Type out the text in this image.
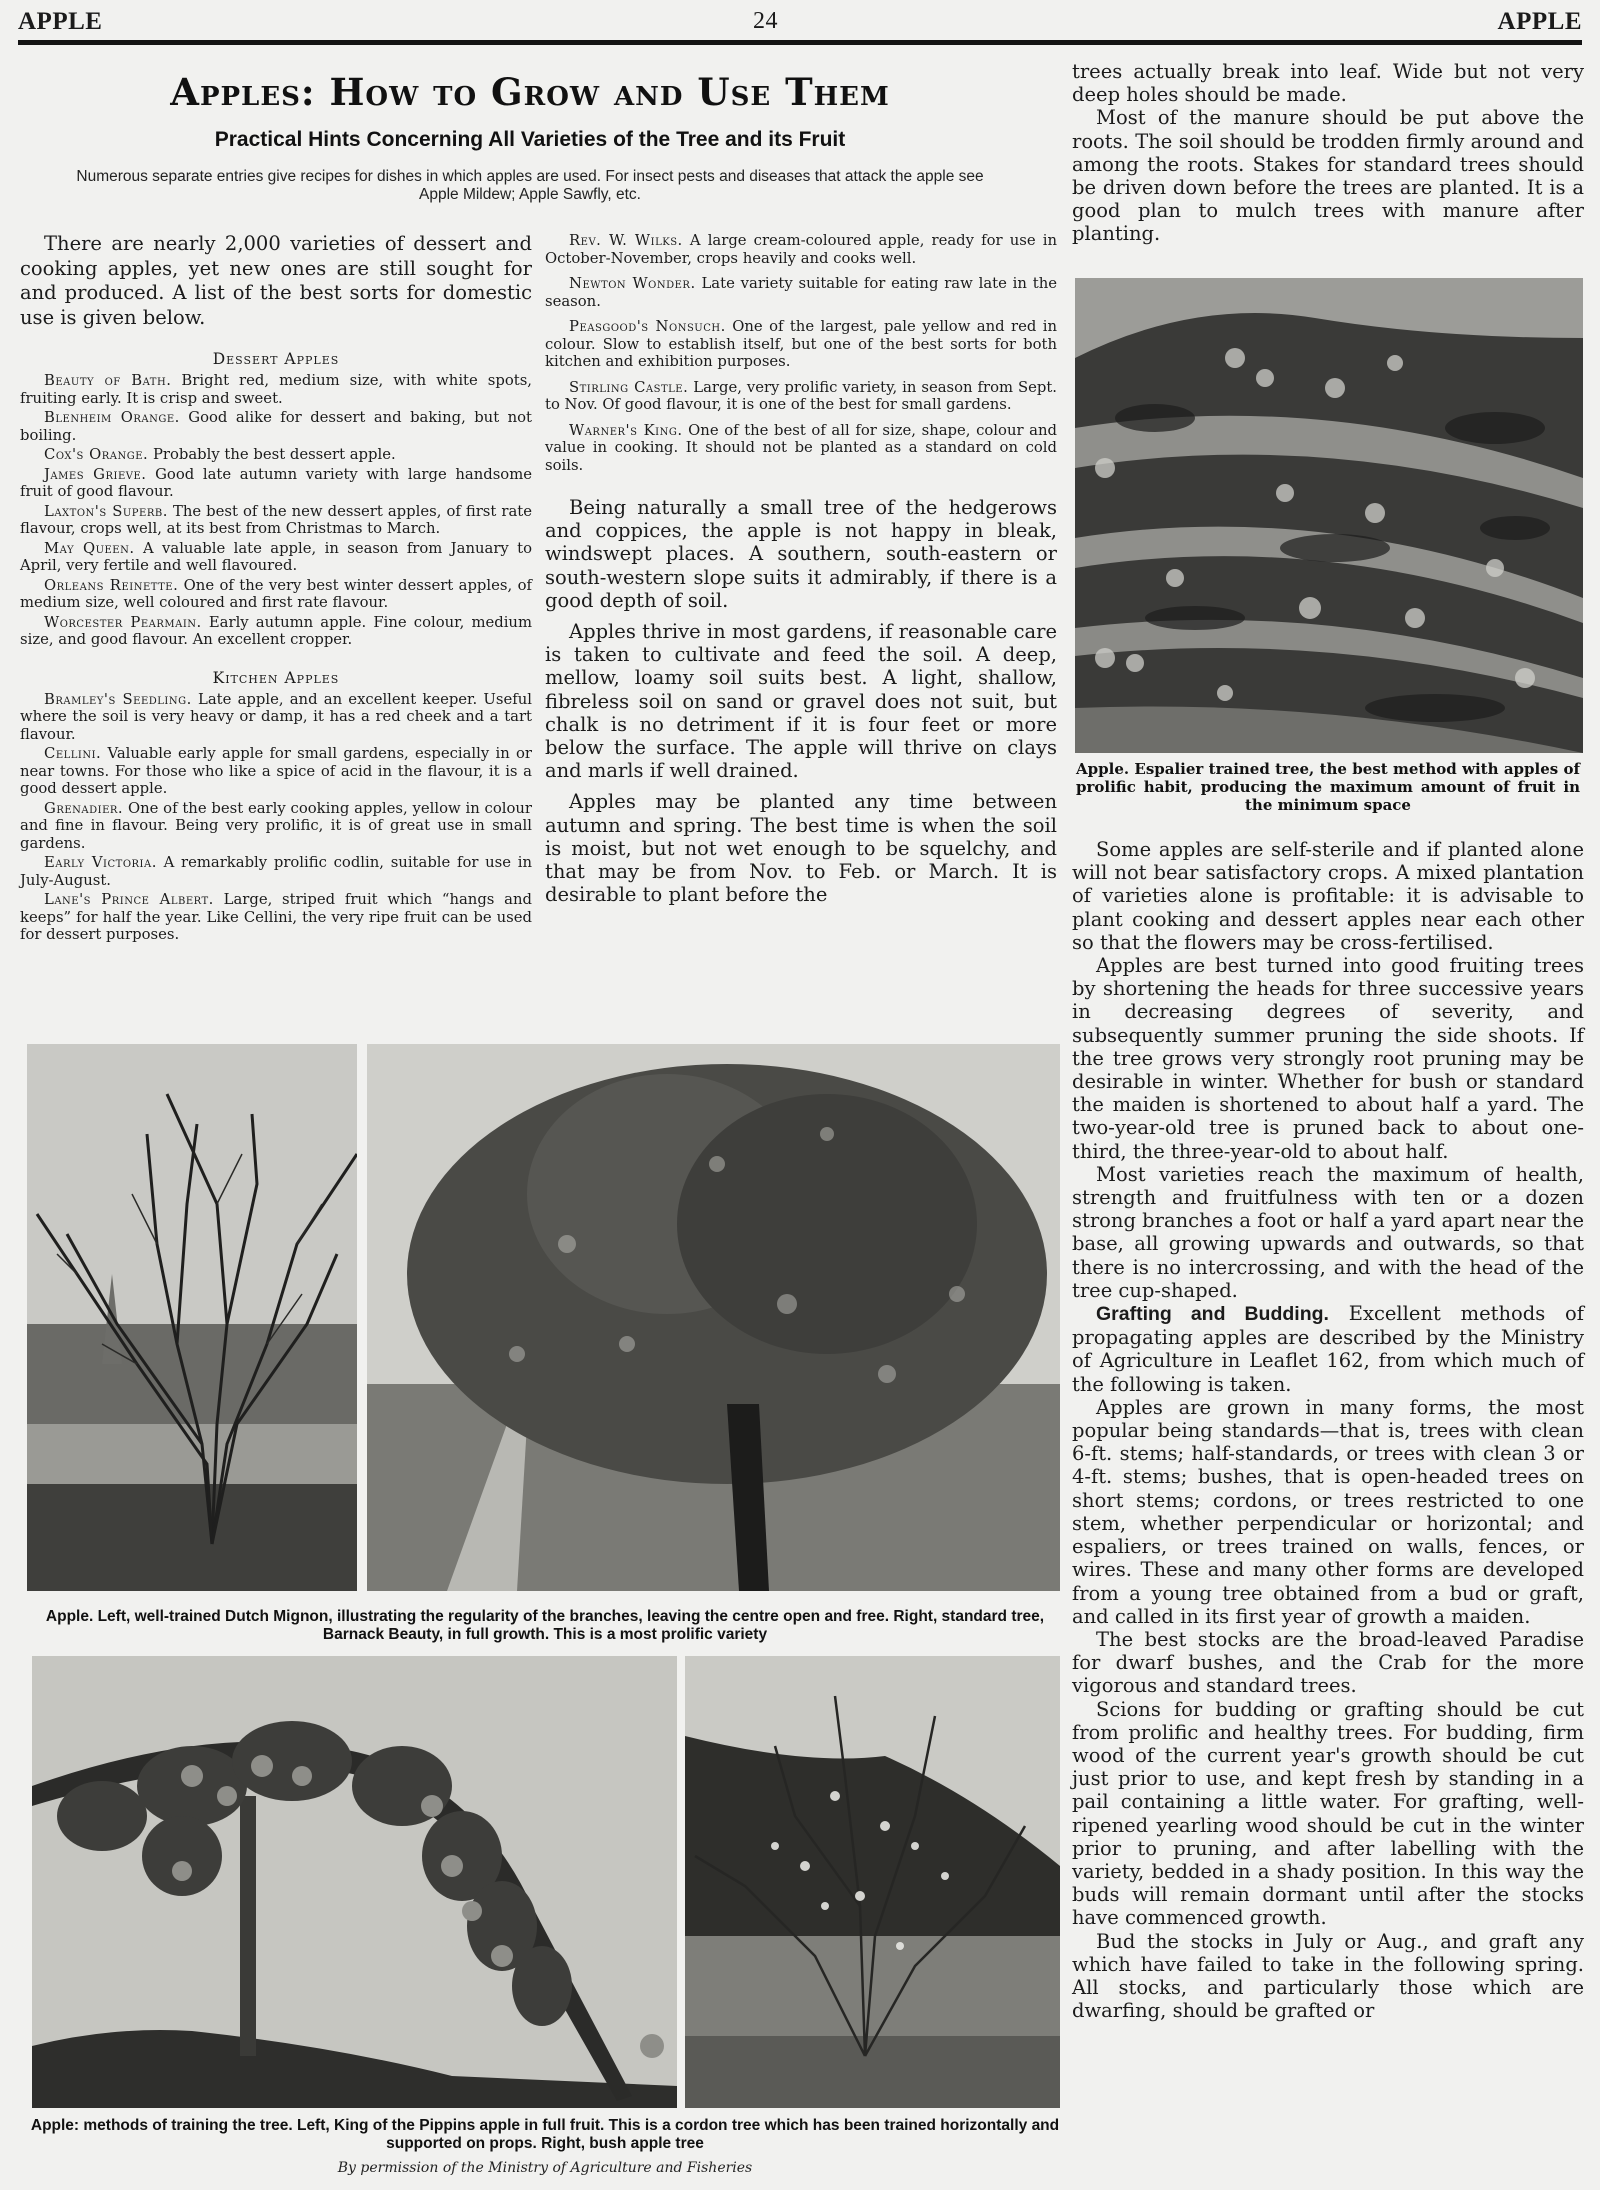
APPLE	24	APPLE
Apples: How to Grow and Use Them
Practical Hints Concerning All Varieties of the Tree and its Fruit
Numerous separate entries give recipes for dishes in which apples are used. For insect pests and diseases that attack the apple see Apple Mildew; Apple Sawfly, etc.

There are nearly 2,000 varieties of dessert and cooking apples, yet new ones are still sought for and produced. A list of the best sorts for domestic use is given below.

Dessert Apples

Beauty of Bath. Bright red, medium size, with white spots, fruiting early. It is crisp and sweet.

Blenheim Orange. Good alike for dessert and baking, but not boiling.

Cox's Orange. Probably the best dessert apple.

James Grieve. Good late autumn variety with large handsome fruit of good flavour.

Laxton's Superb. The best of the new dessert apples, of first rate flavour, crops well, at its best from Christmas to March.

May Queen. A valuable late apple, in season from January to April, very fertile and well flavoured.

Orleans Reinette. One of the very best winter dessert apples, of medium size, well coloured and first rate flavour.

Worcester Pearmain. Early autumn apple. Fine colour, medium size, and good flavour. An excellent cropper.

Kitchen Apples

Bramley's Seedling. Late apple, and an excellent keeper. Useful where the soil is very heavy or damp, it has a red cheek and a tart flavour.

Cellini. Valuable early apple for small gardens, especially in or near towns. For those who like a spice of acid in the flavour, it is a good dessert apple.

Grenadier. One of the best early cooking apples, yellow in colour and fine in flavour. Being very prolific, it is of great use in small gardens.

Early Victoria. A remarkably prolific codlin, suitable for use in July-August.

Lane's Prince Albert. Large, striped fruit which “hangs and keeps” for half the year. Like Cellini, the very ripe fruit can be used for dessert purposes.

Rev. W. Wilks. A large cream-coloured apple, ready for use in October-November, crops heavily and cooks well.

Newton Wonder. Late variety suitable for eating raw late in the season.

Peasgood's Nonsuch. One of the largest, pale yellow and red in colour. Slow to establish itself, but one of the best sorts for both kitchen and exhibition purposes.

Stirling Castle. Large, very prolific variety, in season from Sept. to Nov. Of good flavour, it is one of the best for small gardens.

Warner's King. One of the best of all for size, shape, colour and value in cooking. It should not be planted as a standard on cold soils.

Being naturally a small tree of the hedgerows and coppices, the apple is not happy in bleak, windswept places. A southern, south-eastern or south-western slope suits it admirably, if there is a good depth of soil.

Apples thrive in most gardens, if reasonable care is taken to cultivate and feed the soil. A deep, mellow, loamy soil suits best. A light, shallow, fibreless soil on sand or gravel does not suit, but chalk is no detriment if it is four feet or more below the surface. The apple will thrive on clays and marls if well drained.

Apples may be planted any time between autumn and spring. The best time is when the soil is moist, but not wet enough to be squelchy, and that may be from Nov. to Feb. or March. It is desirable to plant before the

trees actually break into leaf. Wide but not very deep holes should be made.

Most of the manure should be put above the roots. The soil should be trodden firmly around and among the roots. Stakes for standard trees should be driven down before the trees are planted. It is a good plan to mulch trees with manure after planting.

Apple. Espalier trained tree, the best method with apples of prolific habit, producing the maximum amount of fruit in the minimum space

Some apples are self-sterile and if planted alone will not bear satisfactory crops. A mixed plantation of varieties alone is profitable: it is advisable to plant cooking and dessert apples near each other so that the flowers may be cross-fertilised.

Apples are best turned into good fruiting trees by shortening the heads for three successive years in decreasing degrees of severity, and subsequently summer pruning the side shoots. If the tree grows very strongly root pruning may be desirable in winter. Whether for bush or standard the maiden is shortened to about half a yard. The two-year-old tree is pruned back to about one-third, the three-year-old to about half.

Most varieties reach the maximum of health, strength and fruitfulness with ten or a dozen strong branches a foot or half a yard apart near the base, all growing upwards and outwards, so that there is no intercrossing, and with the head of the tree cup-shaped.

Grafting and Budding. Excellent methods of propagating apples are described by the Ministry of Agriculture in Leaflet 162, from which much of the following is taken.

Apples are grown in many forms, the most popular being standards—that is, trees with clean 6-ft. stems; half-standards, or trees with clean 3 or 4-ft. stems; bushes, that is open-headed trees on short stems; cordons, or trees restricted to one stem, whether perpendicular or horizontal; and espaliers, or trees trained on walls, fences, or wires. These and many other forms are developed from a young tree obtained from a bud or graft, and called in its first year of growth a maiden.

The best stocks are the broad-leaved Paradise for dwarf bushes, and the Crab for the more vigorous and standard trees.

Scions for budding or grafting should be cut from prolific and healthy trees. For budding, firm wood of the current year's growth should be cut just prior to use, and kept fresh by standing in a pail containing a little water. For grafting, well-ripened yearling wood should be cut in the winter prior to pruning, and after labelling with the variety, bedded in a shady position. In this way the buds will remain dormant until after the stocks have commenced growth.

Bud the stocks in July or Aug., and graft any which have failed to take in the following spring. All stocks, and particularly those which are dwarfing, should be grafted or

Apple. Left, well-trained Dutch Mignon, illustrating the regularity of the branches, leaving the centre open and free. Right, standard tree, Barnack Beauty, in full growth. This is a most prolific variety
Apple: methods of training the tree. Left, King of the Pippins apple in full fruit. This is a cordon tree which has been trained horizontally and supported on props. Right, bush apple tree
By permission of the Ministry of Agriculture and Fisheries
